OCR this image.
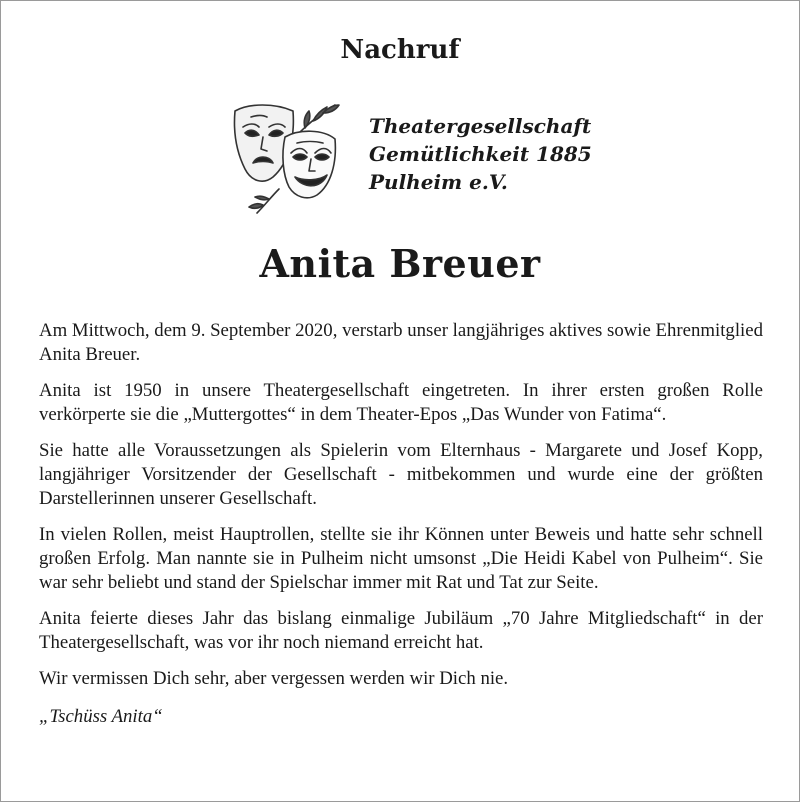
Nachruf
Theatergesellschaft
Gemütlichkeit 1885
Pulheim e.V.
Anita Breuer

Am Mittwoch, dem 9. September 2020, verstarb unser langjähriges aktives sowie Ehrenmitglied Anita Breuer.

Anita ist 1950 in unsere Theatergesellschaft eingetreten. In ihrer ersten großen Rolle verkörperte sie die „Muttergottes“ in dem Theater-Epos „Das Wunder von Fatima“.

Sie hatte alle Voraussetzungen als Spielerin vom Elternhaus - Margarete und Josef Kopp, langjähriger Vorsitzender der Gesellschaft - mitbekommen und wurde eine der größten Darstellerinnen unserer Gesellschaft.

In vielen Rollen, meist Hauptrollen, stellte sie ihr Können unter Beweis und hatte sehr schnell großen Erfolg. Man nannte sie in Pulheim nicht umsonst „Die Heidi Kabel von Pulheim“. Sie war sehr beliebt und stand der Spielschar immer mit Rat und Tat zur Seite.

Anita feierte dieses Jahr das bislang einmalige Jubiläum „70 Jahre Mitgliedschaft“ in der Theatergesellschaft, was vor ihr noch niemand erreicht hat.

Wir vermissen Dich sehr, aber vergessen werden wir Dich nie.

„Tschüss Anita“
